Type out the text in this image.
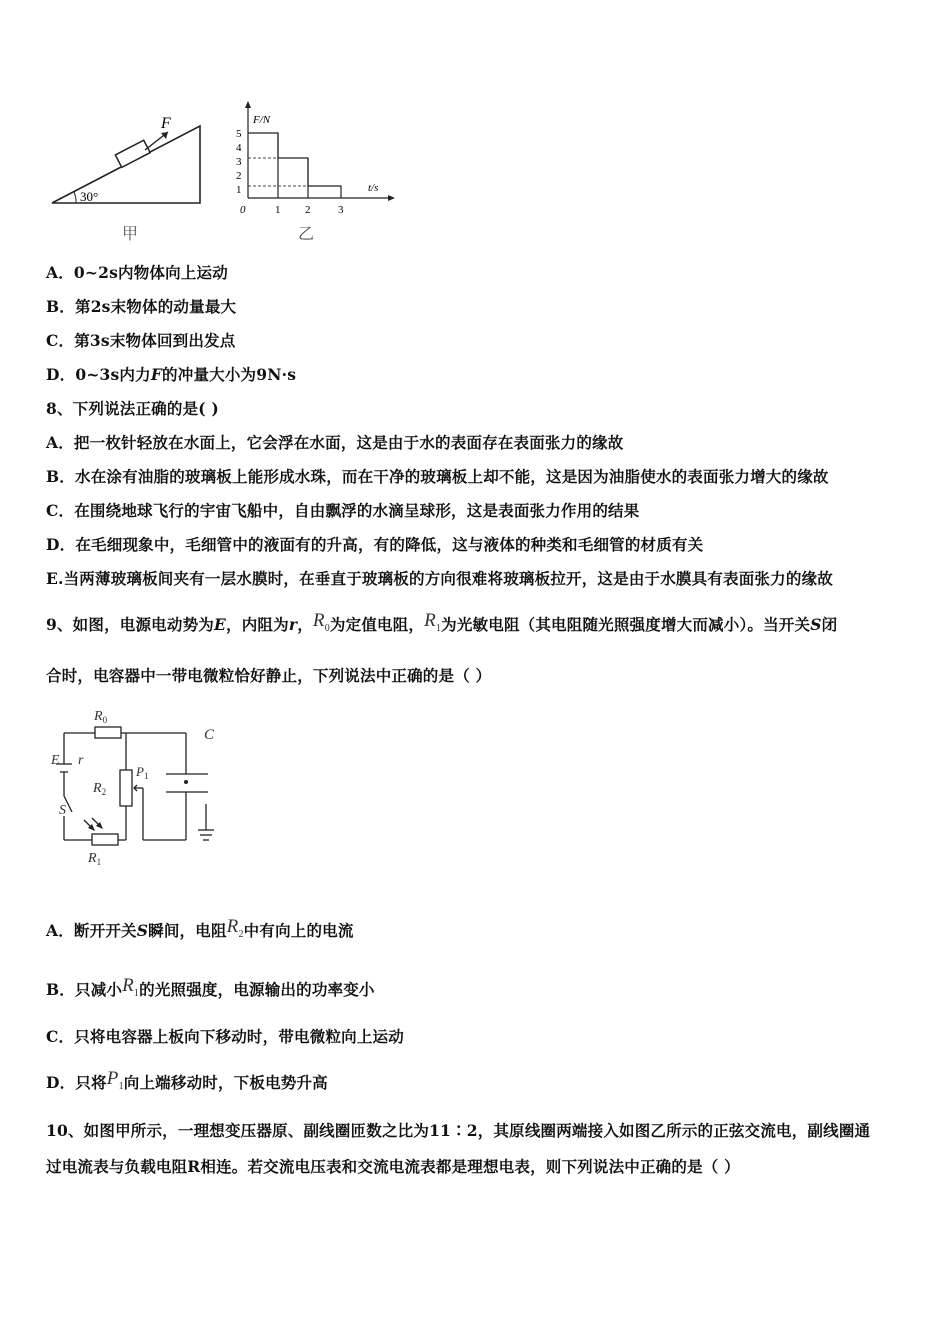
F
30°
甲
F/N
t/s
5
4
3
2
1
0	1 2	3
乙
A．0~2s内物体向上运动
B．第2s末物体的动量最大
C．第3s末物体回到出发点
D．0~3s内力F的冲量大小为9N·s
8、下列说法正确的是( )
A．把一枚针轻放在水面上，它会浮在水面，这是由于水的表面存在表面张力的缘故
B．水在涂有油脂的玻璃板上能形成水珠，而在干净的玻璃板上却不能，这是因为油脂使水的表面张力增大的缘故
C．在围绕地球飞行的宇宙飞船中，自由飘浮的水滴呈球形，这是表面张力作用的结果
D．在毛细现象中，毛细管中的液面有的升高，有的降低，这与液体的种类和毛细管的材质有关
E.当两薄玻璃板间夹有一层水膜时，在垂直于玻璃板的方向很难将玻璃板拉开，这是由于水膜具有表面张力的缘故
9、如图，电源电动势为E，内阻为r，$R_0$为定值电阻，$R_1$为光敏电阻（其电阻随光照强度增大而减小）。当开关S闭
合时，电容器中一带电微粒恰好静止，下列说法中正确的是（ ）
$R_0$
C
E r
$P_1$
$R_2$
S
$R_1$
A．断开开关S瞬间，电阻$R_2$中有向上的电流
B．只减小$R_1$的光照强度，电源输出的功率变小
C．只将电容器上板向下移动时，带电微粒向上运动
D．只将$P_1$向上端移动时，下板电势升高
10、如图甲所示，一理想变压器原、副线圈匝数之比为11∶2，其原线圈两端接入如图乙所示的正弦交流电，副线圈通
过电流表与负载电阻R相连。若交流电压表和交流电流表都是理想电表，则下列说法中正确的是（ ）
